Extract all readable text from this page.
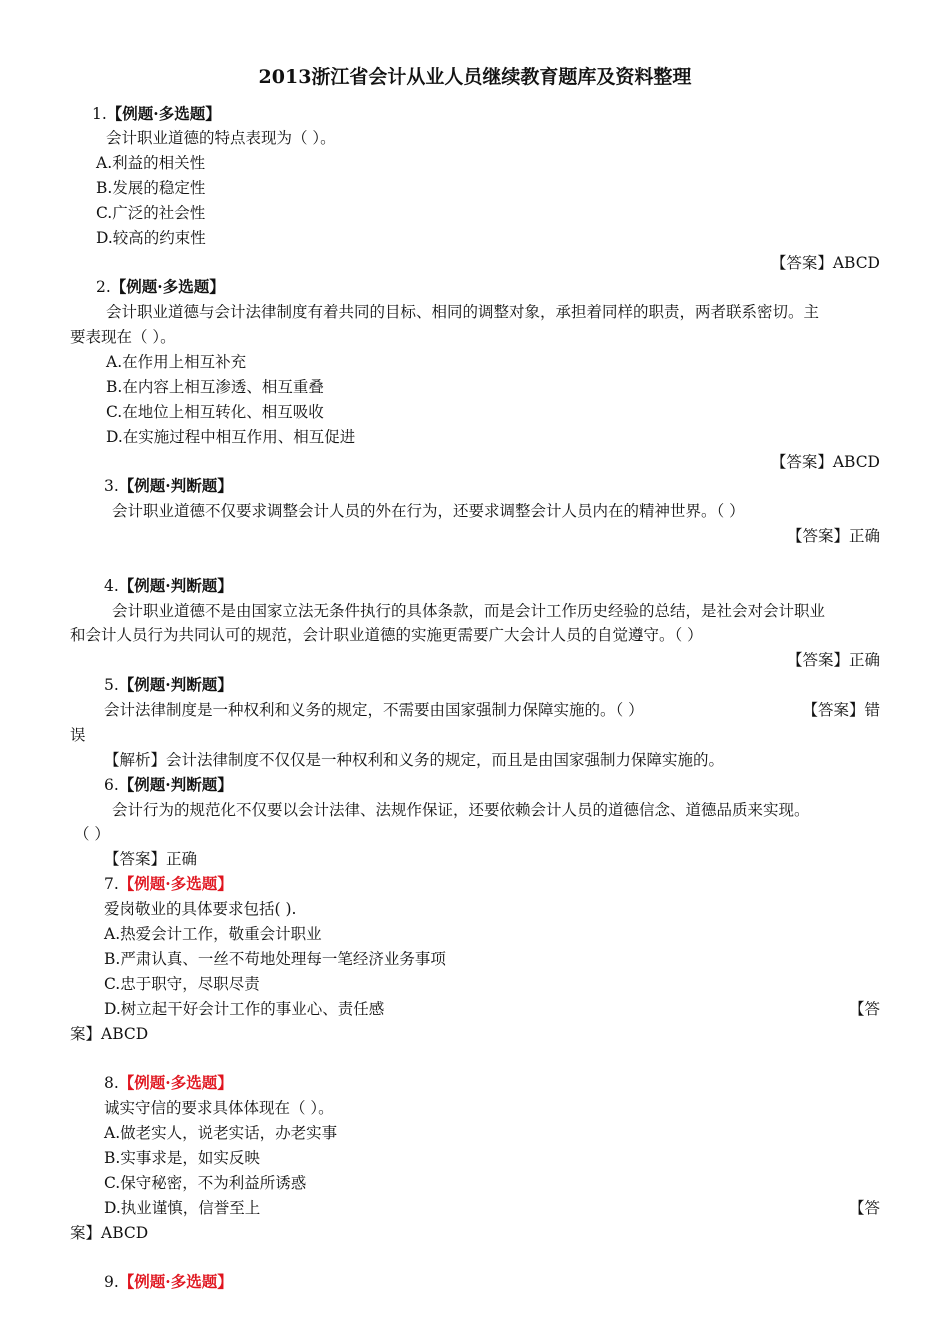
2013浙江省会计从业人员继续教育题库及资料整理
1.【例题·多选题】
会计职业道德的特点表现为（ ）。
A.利益的相关性
B.发展的稳定性
C.广泛的社会性
D.较高的约束性
【答案】ABCD
2.【例题·多选题】
会计职业道德与会计法律制度有着共同的目标、相同的调整对象，承担着同样的职责，两者联系密切。主
要表现在（ ）。
A.在作用上相互补充
B.在内容上相互渗透、相互重叠
C.在地位上相互转化、相互吸收
D.在实施过程中相互作用、相互促进
【答案】ABCD
3.【例题·判断题】
会计职业道德不仅要求调整会计人员的外在行为，还要求调整会计人员内在的精神世界。（ ）
【答案】正确
4.【例题·判断题】
会计职业道德不是由国家立法无条件执行的具体条款，而是会计工作历史经验的总结，是社会对会计职业
和会计人员行为共同认可的规范，会计职业道德的实施更需要广大会计人员的自觉遵守。（ ）
【答案】正确
5.【例题·判断题】
会计法律制度是一种权利和义务的规定，不需要由国家强制力保障实施的。（ ）	【答案】错
误
【解析】会计法律制度不仅仅是一种权利和义务的规定，而且是由国家强制力保障实施的。
6.【例题·判断题】
会计行为的规范化不仅要以会计法律、法规作保证，还要依赖会计人员的道德信念、道德品质来实现。
（ ）
【答案】正确
7.【例题·多选题】
爱岗敬业的具体要求包括( ).
A.热爱会计工作，敬重会计职业
B.严肃认真、一丝不苟地处理每一笔经济业务事项
C.忠于职守，尽职尽责
D.树立起干好会计工作的事业心、责任感	【答
案】ABCD
8.【例题·多选题】
诚实守信的要求具体体现在（ ）。
A.做老实人，说老实话，办老实事
B.实事求是，如实反映
C.保守秘密，不为利益所诱惑
D.执业谨慎，信誉至上	【答
案】ABCD
9.【例题·多选题】
